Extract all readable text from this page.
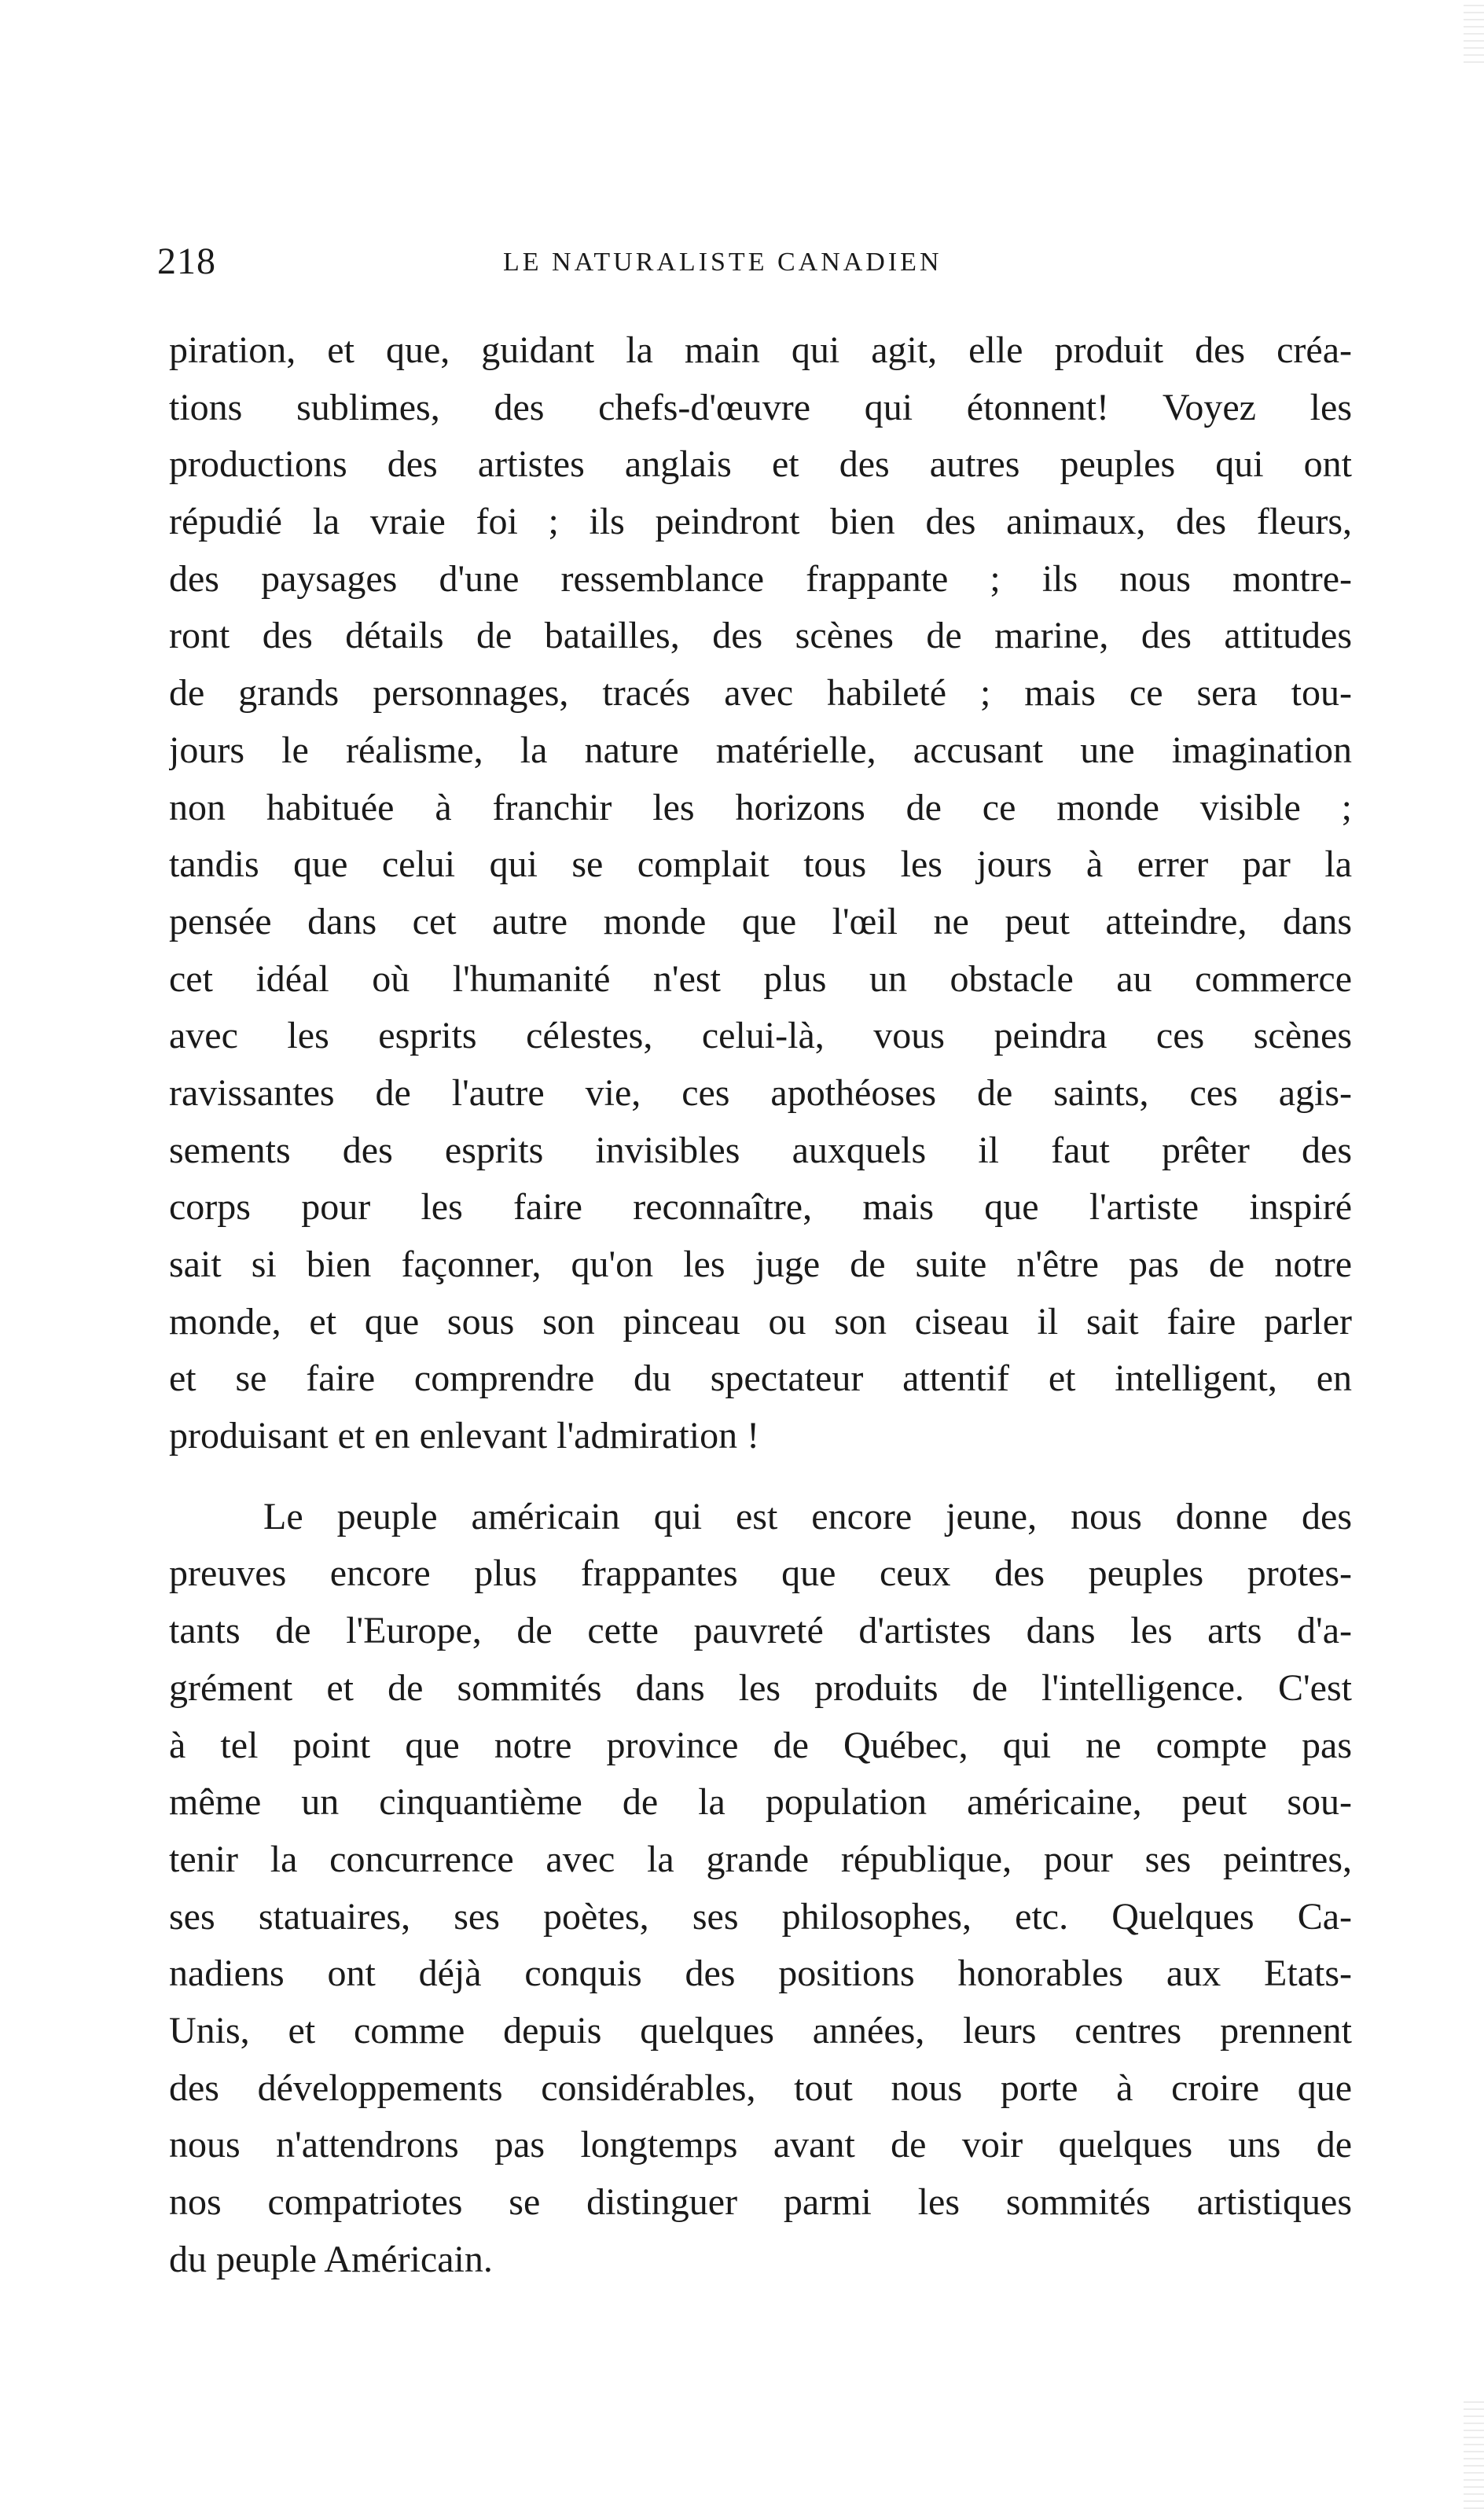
218	LE NATURALISTE CANADIEN
piration, et que, guidant la main qui agit, elle produit des créa-
tions sublimes, des chefs-d'œuvre qui étonnent! Voyez les
productions des artistes anglais et des autres peuples qui ont
répudié la vraie foi ; ils peindront bien des animaux, des fleurs,
des paysages d'une ressemblance frappante ; ils nous montre-
ront des détails de batailles, des scènes de marine, des attitudes
de grands personnages, tracés avec habileté ; mais ce sera tou-
jours le réalisme, la nature matérielle, accusant une imagination
non habituée à franchir les horizons de ce monde visible ;
tandis que celui qui se complait tous les jours à errer par la
pensée dans cet autre monde que l'œil ne peut atteindre, dans
cet idéal où l'humanité n'est plus un obstacle au commerce
avec les esprits célestes, celui-là, vous peindra ces scènes
ravissantes de l'autre vie, ces apothéoses de saints, ces agis-
sements des esprits invisibles auxquels il faut prêter des
corps pour les faire reconnaître, mais que l'artiste inspiré
sait si bien façonner, qu'on les juge de suite n'être pas de notre
monde, et que sous son pinceau ou son ciseau il sait faire parler
et se faire comprendre du spectateur attentif et intelligent, en
produisant et en enlevant l'admiration !
Le peuple américain qui est encore jeune, nous donne des
preuves encore plus frappantes que ceux des peuples protes-
tants de l'Europe, de cette pauvreté d'artistes dans les arts d'a-
grément et de sommités dans les produits de l'intelligence. C'est
à tel point que notre province de Québec, qui ne compte pas
même un cinquantième de la population américaine, peut sou-
tenir la concurrence avec la grande république, pour ses peintres,
ses statuaires, ses poètes, ses philosophes, etc. Quelques Ca-
nadiens ont déjà conquis des positions honorables aux Etats-
Unis, et comme depuis quelques années, leurs centres prennent
des développements considérables, tout nous porte à croire que
nous n'attendrons pas longtemps avant de voir quelques uns de
nos compatriotes se distinguer parmi les sommités artistiques
du peuple Américain.
